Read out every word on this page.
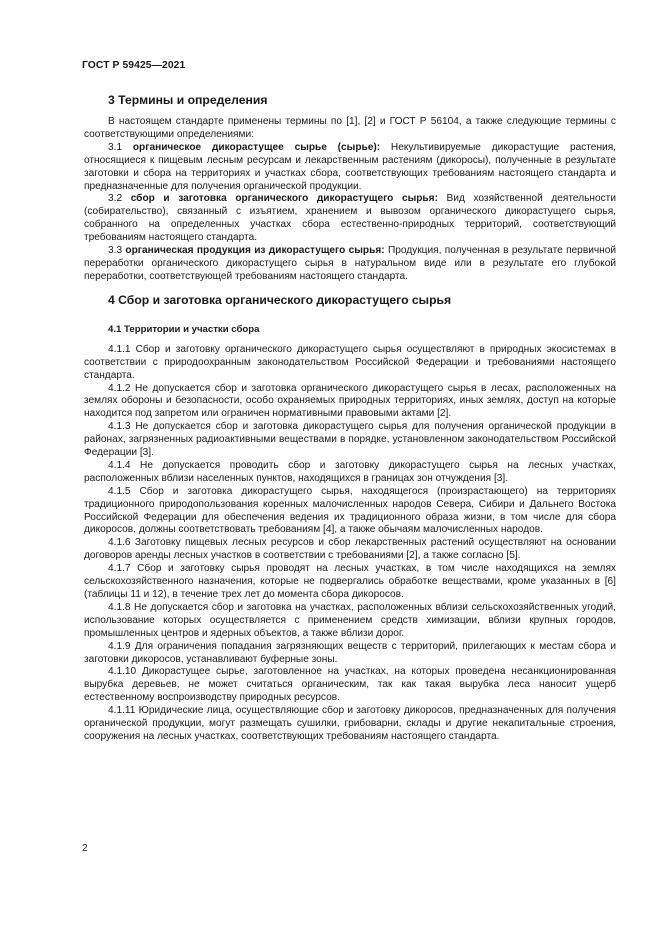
ГОСТ Р 59425—2021
3 Термины и определения

В настоящем стандарте применены термины по [1], [2] и ГОСТ Р 56104, а также следующие термины с соответствующими определениями:

3.1 органическое дикорастущее сырье (сырье): Некультивируемые дикорастущие растения, относящиеся к пищевым лесным ресурсам и лекарственным растениям (дикоросы), полученные в результате заготовки и сбора на территориях и участках сбора, соответствующих требованиям настоящего стандарта и предназначенные для получения органической продукции.

3.2 сбор и заготовка органического дикорастущего сырья: Вид хозяйственной деятельности (собирательство), связанный с изъятием, хранением и вывозом органического дикорастущего сырья, собранного на определенных участках сбора естественно-природных территорий, соответствующий требованиям настоящего стандарта.

3.3 органическая продукция из дикорастущего сырья: Продукция, полученная в результате первичной переработки органического дикорастущего сырья в натуральном виде или в результате его глубокой переработки, соответствующей требованиям настоящего стандарта.

4 Сбор и заготовка органического дикорастущего сырья
4.1 Территории и участки сбора

4.1.1 Сбор и заготовку органического дикорастущего сырья осуществляют в природных экосистемах в соответствии с природоохранным законодательством Российской Федерации и требованиями настоящего стандарта.

4.1.2 Не допускается сбор и заготовка органического дикорастущего сырья в лесах, расположенных на землях обороны и безопасности, особо охраняемых природных территориях, иных землях, доступ на которые находится под запретом или ограничен нормативными правовыми актами [2].

4.1.3 Не допускается сбор и заготовка дикорастущего сырья для получения органической продукции в районах, загрязненных радиоактивными веществами в порядке, установленном законодательством Российской Федерации [3].

4.1.4 Не допускается проводить сбор и заготовку дикорастущего сырья на лесных участках, расположенных вблизи населенных пунктов, находящихся в границах зон отчуждения [3].

4.1.5 Сбор и заготовка дикорастущего сырья, находящегося (произрастающего) на территориях традиционного природопользования коренных малочисленных народов Севера, Сибири и Дальнего Востока Российской Федерации для обеспечения ведения их традиционного образа жизни, в том числе для сбора дикоросов, должны соответствовать требованиям [4], а также обычаям малочисленных народов.

4.1.6 Заготовку пищевых лесных ресурсов и сбор лекарственных растений осуществляют на основании договоров аренды лесных участков в соответствии с требованиями [2], а также согласно [5].

4.1.7 Сбор и заготовку сырья проводят на лесных участках, в том числе находящихся на землях сельскохозяйственного назначения, которые не подвергались обработке веществами, кроме указанных в [6] (таблицы 11 и 12), в течение трех лет до момента сбора дикоросов.

4.1.8 Не допускается сбор и заготовка на участках, расположенных вблизи сельскохозяйственных угодий, использование которых осуществляется с применением средств химизации, вблизи крупных городов, промышленных центров и ядерных объектов, а также вблизи дорог.

4.1.9 Для ограничения попадания загрязняющих веществ с территорий, прилегающих к местам сбора и заготовки дикоросов, устанавливают буферные зоны.

4.1.10 Дикорастущее сырье, заготовленное на участках, на которых проведена несанкционированная вырубка деревьев, не может считаться органическим, так как такая вырубка леса наносит ущерб естественному воспроизводству природных ресурсов.

4.1.11 Юридические лица, осуществляющие сбор и заготовку дикоросов, предназначенных для получения органической продукции, могут размещать сушилки, грибоварни, склады и другие некапитальные строения, сооружения на лесных участках, соответствующих требованиям настоящего стандарта.

2
